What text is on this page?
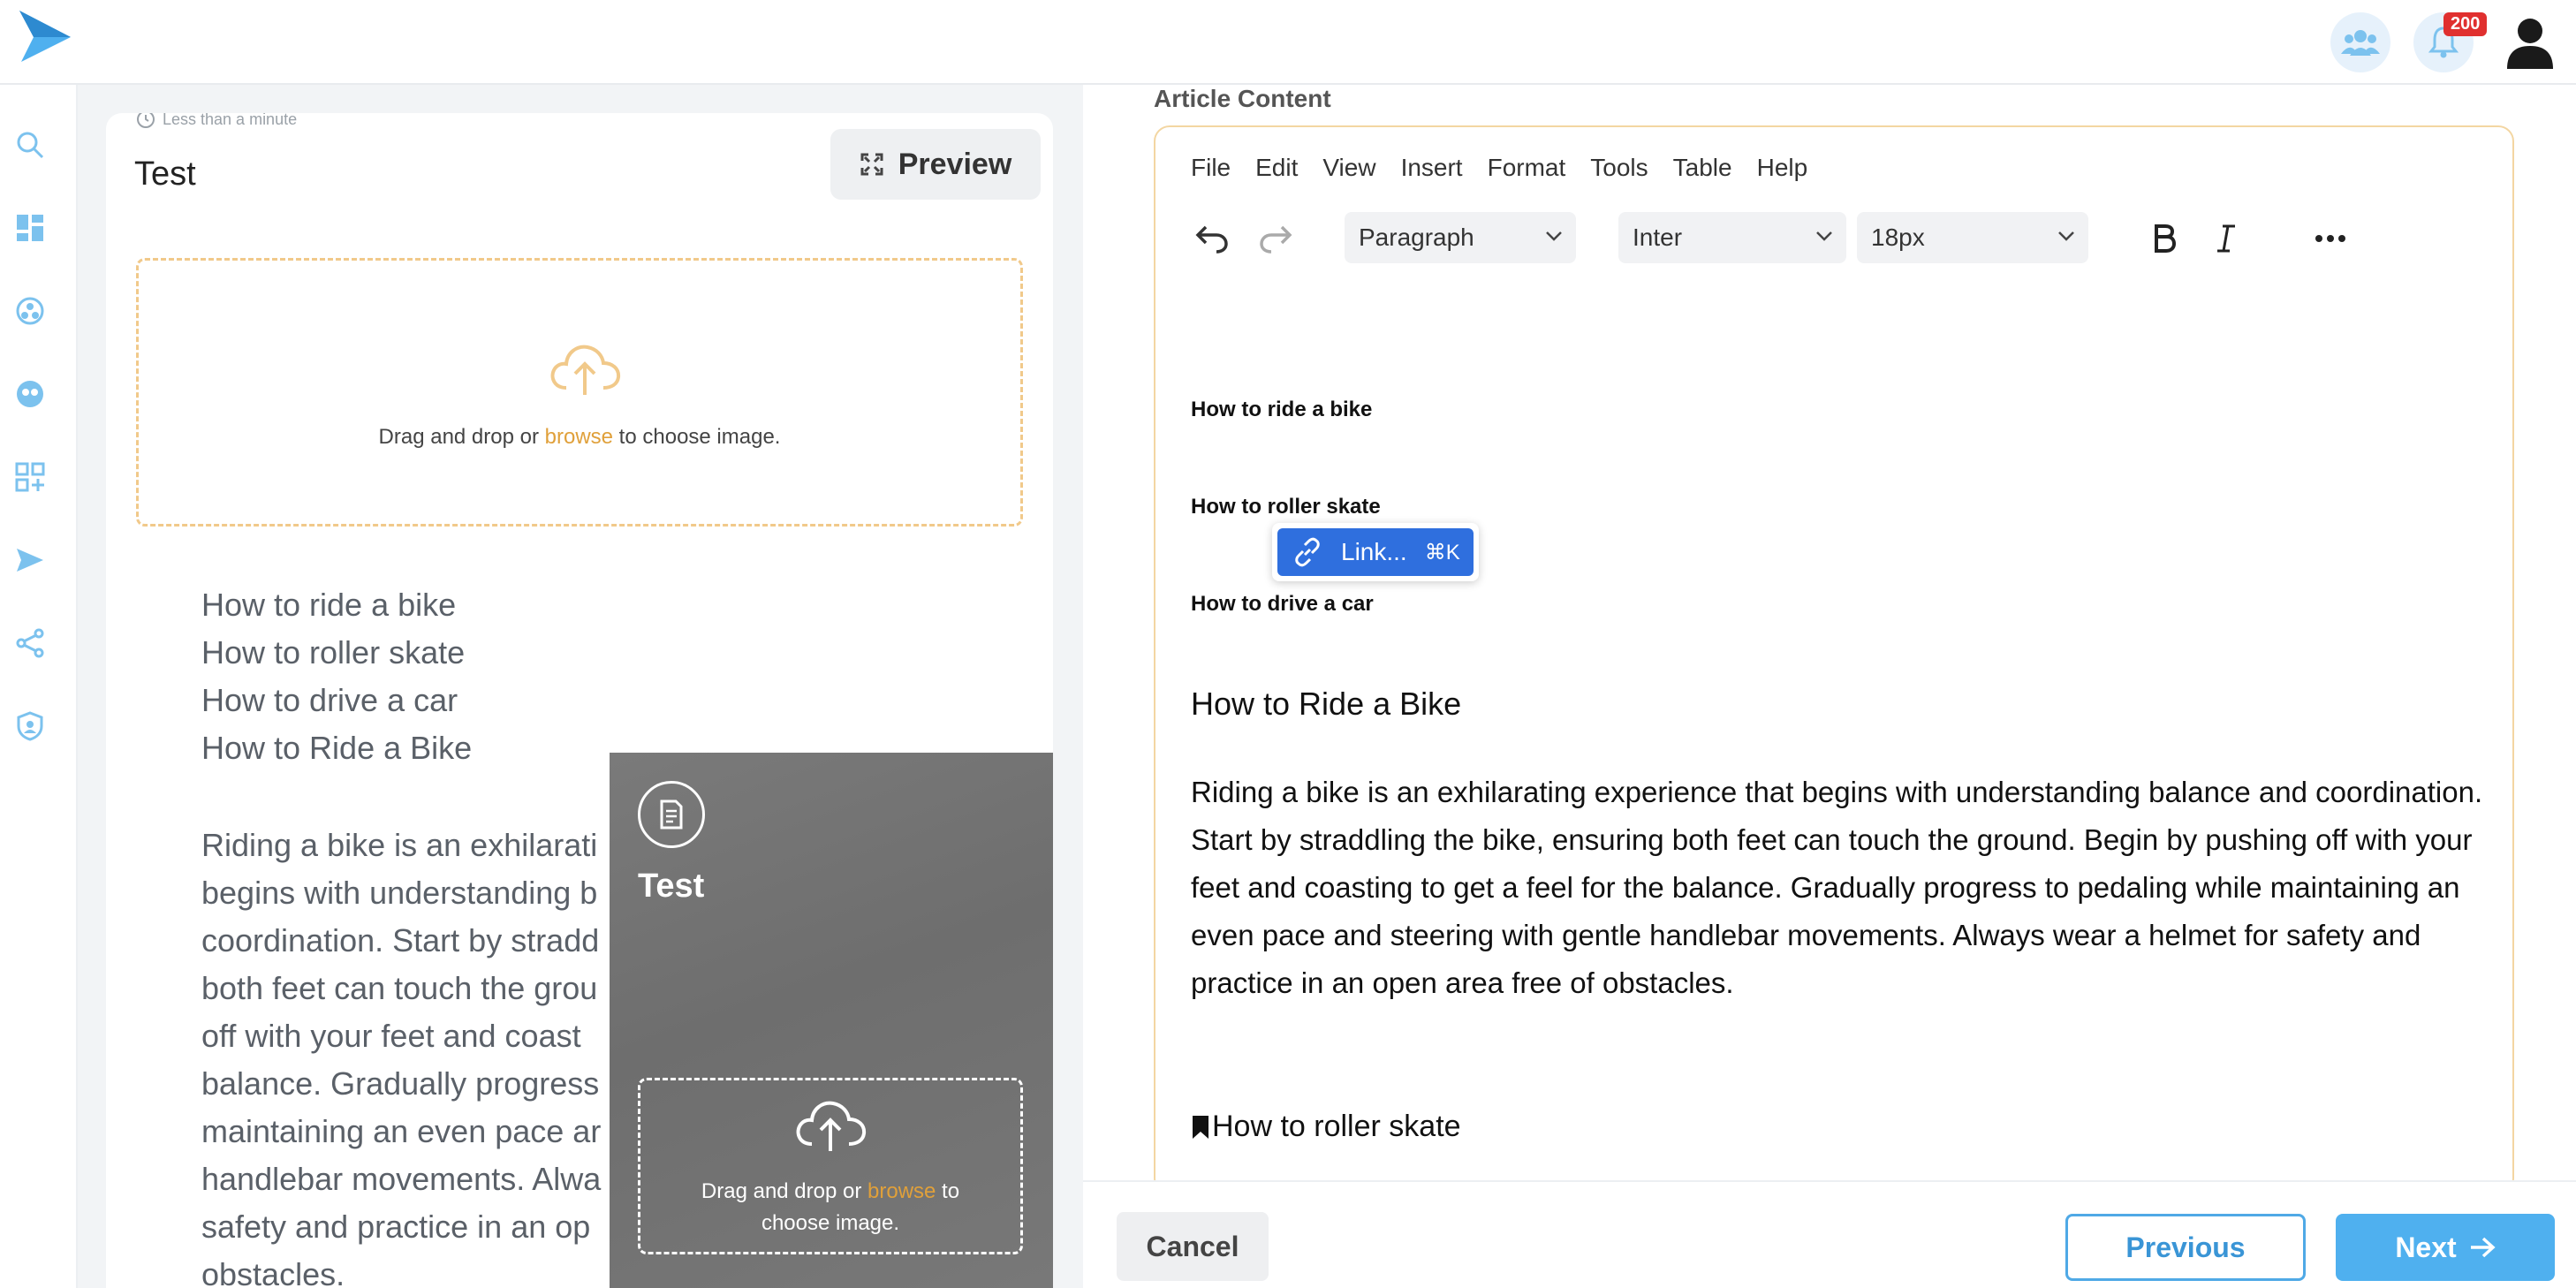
200
Less than a minute
Test	Preview
Drag and drop or browse to choose image.
How to ride a bike
How to roller skate
How to drive a car
How to Ride a Bike
Riding a bike is an exhilarati
begins with understanding b
coordination. Start by stradd
both feet can touch the grou
off with your feet and coast
balance. Gradually progress
maintaining an even pace ar
handlebar movements. Alwa
safety and practice in an op
obstacles.
Test
Drag and drop or browse to choose image.
Article Content
File Edit View Insert Format Tools Table Help
Paragraph	Inter	18px
How to ride a bike
How to roller skate
How to drive a car
Link... ⌘K
How to Ride a Bike
Riding a bike is an exhilarating experience that begins with understanding balance and coordination. Start by straddling the bike, ensuring both feet can touch the ground. Begin by pushing off with your feet and coasting to get a feel for the balance. Gradually progress to pedaling while maintaining an even pace and steering with gentle handlebar movements. Always wear a helmet for safety and practice in an open area free of obstacles.
How to roller skate
Cancel	Previous	Next
